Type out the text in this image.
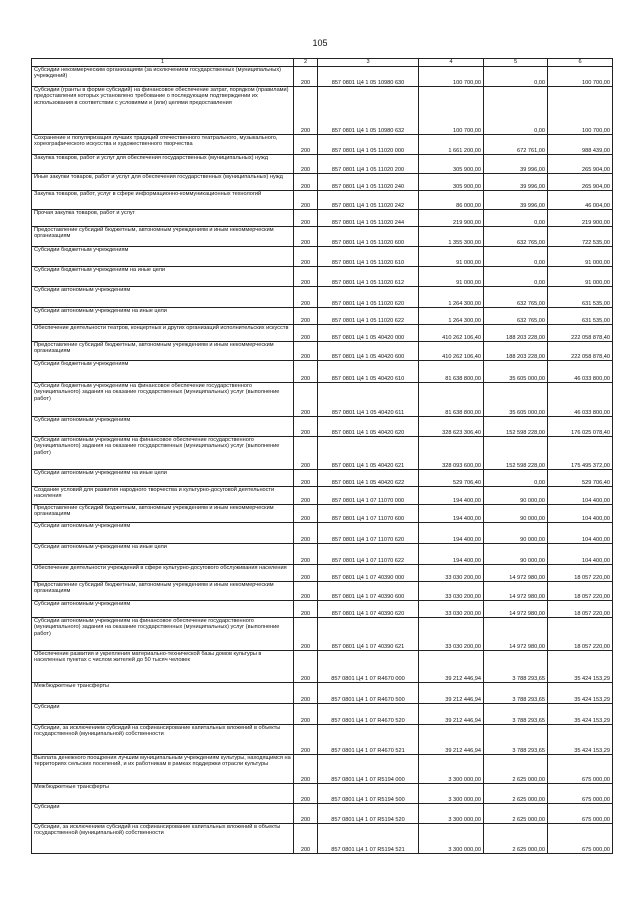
105
1	2	3	4	5	6
Субсидии некоммерческим организациям (за исключением государственных (муниципальных) учреждений)	200	857 0801 Ц4 1 05 10980 630	100 700,00	0,00	100 700,00
Субсидии (гранты в форме субсидий) на финансовое обеспечение затрат, порядком (правилами) предоставления которых установлено требование о последующем подтверждении их использования в соответствии с условиями и (или) целями предоставления	200	857 0801 Ц4 1 05 10980 632	100 700,00	0,00	100 700,00
Сохранение и популяризация лучших традиций отечественного театрального, музыкального, хореографического искусства и художественного творчества	200	857 0801 Ц4 1 05 11020 000	1 661 200,00	672 761,00	988 439,00
Закупка товаров, работ и услуг для обеспечения государственных (муниципальных) нужд	200	857 0801 Ц4 1 05 11020 200	305 900,00	39 996,00	265 904,00
Иные закупки товаров, работ и услуг для обеспечения государственных (муниципальных) нужд	200	857 0801 Ц4 1 05 11020 240	305 900,00	39 996,00	265 904,00
Закупка товаров, работ, услуг в сфере информационно-коммуникационных технологий	200	857 0801 Ц4 1 05 11020 242	86 000,00	39 996,00	46 004,00
Прочая закупка товаров, работ и услуг	200	857 0801 Ц4 1 05 11020 244	219 900,00	0,00	219 900,00
Предоставление субсидий бюджетным, автономным учреждениям и иным некоммерческим организациям	200	857 0801 Ц4 1 05 11020 600	1 355 300,00	632 765,00	722 535,00
Субсидии бюджетным учреждениям	200	857 0801 Ц4 1 05 11020 610	91 000,00	0,00	91 000,00
Субсидии бюджетным учреждениям на иные цели	200	857 0801 Ц4 1 05 11020 612	91 000,00	0,00	91 000,00
Субсидии автономным учреждениям	200	857 0801 Ц4 1 05 11020 620	1 264 300,00	632 765,00	631 535,00
Субсидии автономным учреждениям на иные цели	200	857 0801 Ц4 1 05 11020 622	1 264 300,00	632 765,00	631 535,00
Обеспечение деятельности театров, концертных и других организаций исполнительских искусств	200	857 0801 Ц4 1 05 40420 000	410 262 106,40	188 203 228,00	222 058 878,40
Предоставление субсидий бюджетным, автономным учреждениям и иным некоммерческим организациям	200	857 0801 Ц4 1 05 40420 600	410 262 106,40	188 203 228,00	222 058 878,40
Субсидии бюджетным учреждениям	200	857 0801 Ц4 1 05 40420 610	81 638 800,00	35 605 000,00	46 033 800,00
Субсидии бюджетным учреждениям на финансовое обеспечение государственного (муниципального) задания на оказание государственных (муниципальных) услуг (выполнение работ)	200	857 0801 Ц4 1 05 40420 611	81 638 800,00	35 605 000,00	46 033 800,00
Субсидии автономным учреждениям	200	857 0801 Ц4 1 05 40420 620	328 623 306,40	152 598 228,00	176 025 078,40
Субсидии автономным учреждениям на финансовое обеспечение государственного (муниципального) задания на оказание государственных (муниципальных) услуг (выполнение работ)	200	857 0801 Ц4 1 05 40420 621	328 093 600,00	152 598 228,00	175 495 372,00
Субсидии автономным учреждениям на иные цели	200	857 0801 Ц4 1 05 40420 622	529 706,40	0,00	529 706,40
Создание условий для развития народного творчества и культурно-досуговой деятельности населения	200	857 0801 Ц4 1 07 11070 000	194 400,00	90 000,00	104 400,00
Предоставление субсидий бюджетным, автономным учреждениям и иным некоммерческим организациям	200	857 0801 Ц4 1 07 11070 600	194 400,00	90 000,00	104 400,00
Субсидии автономным учреждениям	200	857 0801 Ц4 1 07 11070 620	194 400,00	90 000,00	104 400,00
Субсидии автономным учреждениям на иные цели	200	857 0801 Ц4 1 07 11070 622	194 400,00	90 000,00	104 400,00
Обеспечение деятельности учреждений в сфере культурно-досугового обслуживания населения	200	857 0801 Ц4 1 07 40390 000	33 030 200,00	14 972 980,00	18 057 220,00
Предоставление субсидий бюджетным, автономным учреждениям и иным некоммерческим организациям	200	857 0801 Ц4 1 07 40390 600	33 030 200,00	14 972 980,00	18 057 220,00
Субсидии автономным учреждениям	200	857 0801 Ц4 1 07 40390 620	33 030 200,00	14 972 980,00	18 057 220,00
Субсидии автономным учреждениям на финансовое обеспечение государственного (муниципального) задания на оказание государственных (муниципальных) услуг (выполнение работ)	200	857 0801 Ц4 1 07 40390 621	33 030 200,00	14 972 980,00	18 057 220,00
Обеспечение развития и укрепления материально-технической базы домов культуры в населенных пунктах с числом жителей до 50 тысяч человек	200	857 0801 Ц4 1 07 R4670 000	39 212 446,94	3 788 293,65	35 424 153,29
Межбюджетные трансферты	200	857 0801 Ц4 1 07 R4670 500	39 212 446,94	3 788 293,65	35 424 153,29
Субсидии	200	857 0801 Ц4 1 07 R4670 520	39 212 446,94	3 788 293,65	35 424 153,29
Субсидии, за исключением субсидий на софинансирование капитальных вложений в объекты государственной (муниципальной) собственности	200	857 0801 Ц4 1 07 R4670 521	39 212 446,94	3 788 293,65	35 424 153,29
Выплата денежного поощрения лучшим муниципальным учреждениям культуры, находящимся на территориях сельских поселений, и их работникам в рамках поддержки отрасли культуры	200	857 0801 Ц4 1 07 R5194 000	3 300 000,00	2 625 000,00	675 000,00
Межбюджетные трансферты	200	857 0801 Ц4 1 07 R5194 500	3 300 000,00	2 625 000,00	675 000,00
Субсидии	200	857 0801 Ц4 1 07 R5194 520	3 300 000,00	2 625 000,00	675 000,00
Субсидии, за исключением субсидий на софинансирование капитальных вложений в объекты государственной (муниципальной) собственности	200	857 0801 Ц4 1 07 R5194 521	3 300 000,00	2 625 000,00	675 000,00
